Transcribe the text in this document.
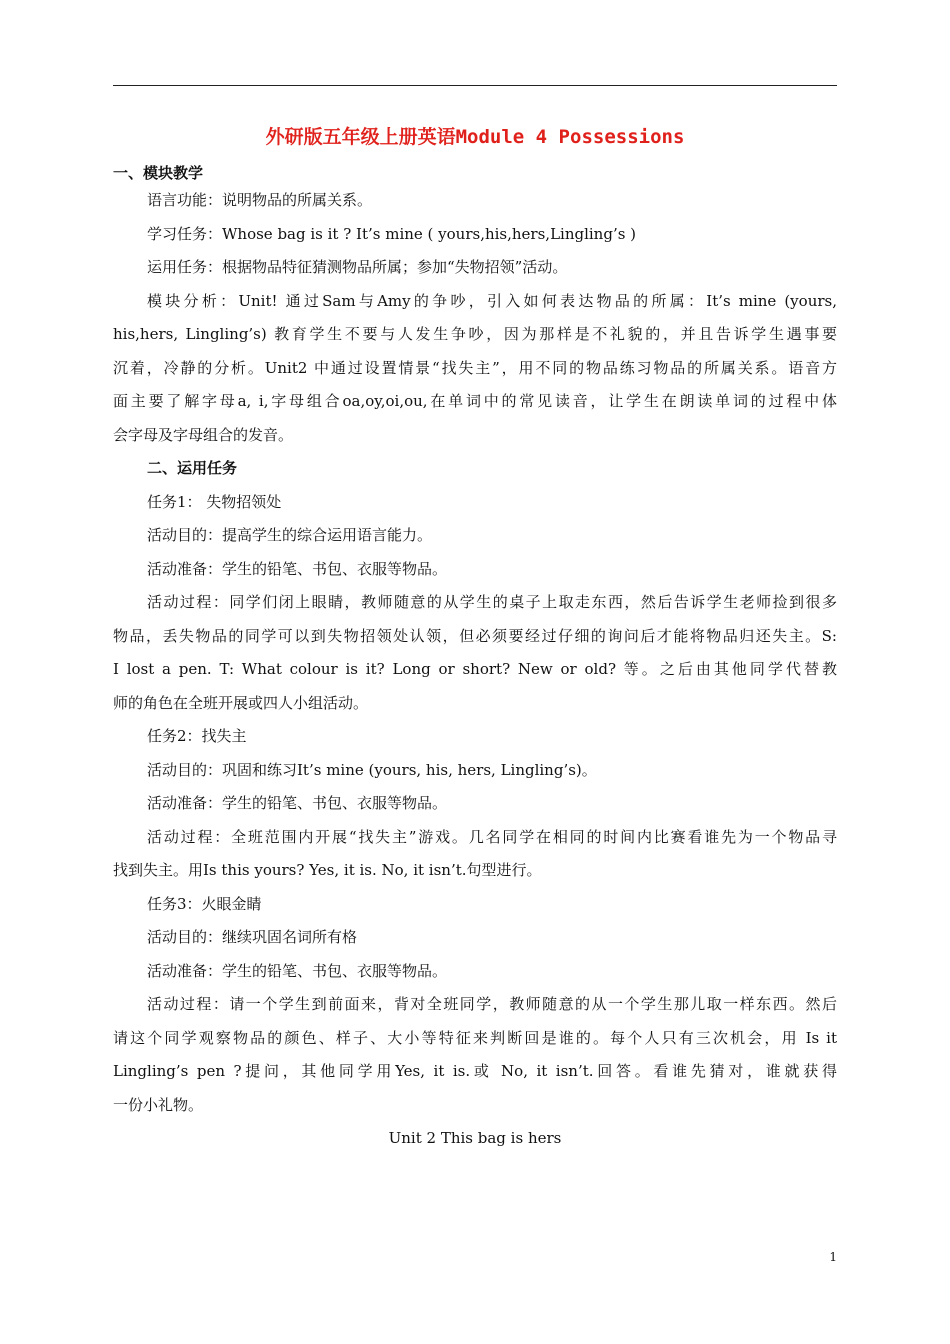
外研版五年级上册英语Module 4 Possessions
一、模块教学
语言功能：说明物品的所属关系。
学习任务：Whose bag is it ? It’s mine ( yours,his,hers,Lingling’s )
运用任务：根据物品特征猜测物品所属；参加“失物招领”活动。
模块分析：Unit! 通过Sam与Amy的争吵，引入如何表达物品的所属：It’s mine (yours,
his,hers, Lingling’s) 教育学生不要与人发生争吵，因为那样是不礼貌的，并且告诉学生遇事要
沉着，冷静的分析。Unit2 中通过设置情景“找失主”，用不同的物品练习物品的所属关系。语音方
面主要了解字母a, i,字母组合oa,oy,oi,ou,在单词中的常见读音，让学生在朗读单词的过程中体
会字母及字母组合的发音。
二、运用任务
任务1： 失物招领处
活动目的：提高学生的综合运用语言能力。
活动准备：学生的铅笔、书包、衣服等物品。
活动过程：同学们闭上眼睛，教师随意的从学生的桌子上取走东西，然后告诉学生老师捡到很多
物品，丢失物品的同学可以到失物招领处认领，但必须要经过仔细的询问后才能将物品归还失主。S:
I lost a pen. T: What colour is it? Long or short? New or old? 等。之后由其他同学代替教
师的角色在全班开展或四人小组活动。
任务2：找失主
活动目的：巩固和练习It’s mine (yours, his, hers, Lingling’s)。
活动准备：学生的铅笔、书包、衣服等物品。
活动过程：全班范围内开展“找失主”游戏。几名同学在相同的时间内比赛看谁先为一个物品寻
找到失主。用Is this yours? Yes, it is. No, it isn’t.句型进行。
任务3：火眼金睛
活动目的：继续巩固名词所有格
活动准备：学生的铅笔、书包、衣服等物品。
活动过程：请一个学生到前面来，背对全班同学，教师随意的从一个学生那儿取一样东西。然后
请这个同学观察物品的颜色、样子、大小等特征来判断回是谁的。每个人只有三次机会，用 Is it
Lingling’s pen ?提问，其他同学用Yes, it is.或 No, it isn’t.回答。看谁先猜对，谁就获得
一份小礼物。
Unit 2 This bag is hers
1
